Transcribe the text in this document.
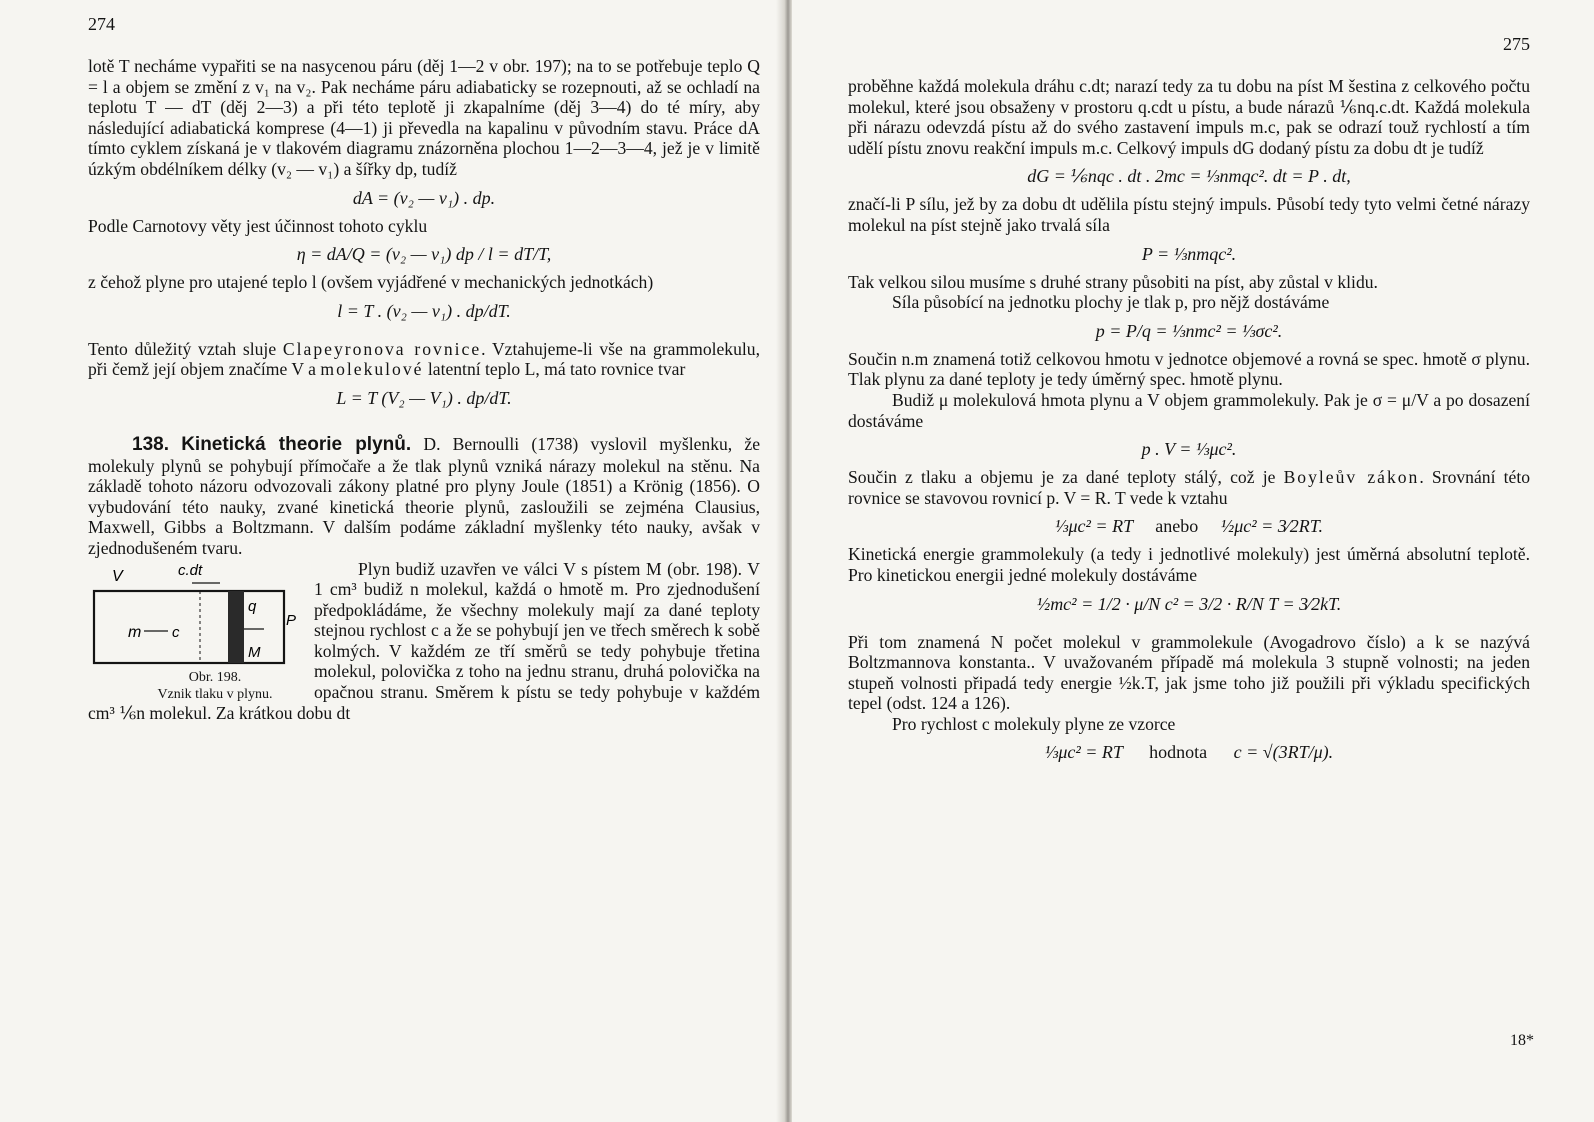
274

lotě T necháme vypařiti se na nasycenou páru (děj 1—2 v obr. 197); na to se potřebuje teplo Q = l a objem se změní z v₁ na v₂. Pak necháme páru adiabaticky se rozepnouti, až se ochladí na teplotu T — dT (děj 2—3) a při této teplotě ji zkapalníme (děj 3—4) do té míry, aby následující adiabatická komprese (4—1) ji převedla na kapalinu v původním stavu. Práce dA tímto cyklem získaná je v tlakovém diagramu znázorněna plochou 1—2—3—4, jež je v limitě úzkým obdélníkem délky (v₂ — v₁) a šířky dp, tudíž

dA = (v₂ — v₁) . dp.

Podle Carnotovy věty jest účinnost tohoto cyklu

η = dA/Q = (v₂ — v₁) dp / l = dT/T,

z čehož plyne pro utajené teplo l (ovšem vyjádřené v mechanických jednotkách)

l = T . (v₂ — v₁) . dp/dT.

Tento důležitý vztah sluje Clapeyronova rovnice. Vztahujeme-li vše na grammolekulu, při čemž její objem značíme V a molekulové latentní teplo L, má tato rovnice tvar

L = T (V₂ — V₁) . dp/dT.

138. Kinetická theorie plynů. D. Bernoulli (1738) vyslovil myšlenku, že molekuly plynů se pohybují přímočaře a že tlak plynů vzniká nárazy molekul na stěnu. Na základě tohoto názoru odvozovali zákony platné pro plyny Joule (1851) a Krönig (1856). O vybudování této nauky, zvané kinetická theorie plynů, zasloužili se zejména Clausius, Maxwell, Gibbs a Boltzmann. V dalším podáme základní myšlenky této nauky, avšak v zjednodušeném tvaru.

V	c.dt
q
P
m c
M
Obr. 198.
Vznik tlaku v plynu.
Plyn budiž uzavřen ve válci V s pístem M (obr. 198). V 1 cm³ budiž n molekul, každá o hmotě m. Pro zjednodušení předpokládáme, že všechny molekuly mají za dané teploty stejnou rychlost c a že se pohybují jen ve třech směrech k sobě kolmých. V každém ze tří směrů se tedy pohybuje třetina molekul, polovička z toho na jednu stranu, druhá polovička na opačnou stranu. Směrem k pístu se tedy pohybuje v každém cm³ ⅙n molekul. Za krátkou dobu dt

275

proběhne každá molekula dráhu c.dt; narazí tedy za tu dobu na píst M šestina z celkového počtu molekul, které jsou obsaženy v prostoru q.cdt u pístu, a bude nárazů ⅙nq.c.dt. Každá molekula při nárazu odevzdá pístu až do svého zastavení impuls m.c, pak se odrazí touž rychlostí a tím udělí pístu znovu reakční impuls m.c. Celkový impuls dG dodaný pístu za dobu dt je tudíž

dG = ⅙nqc . dt . 2mc = ⅓nmqc². dt = P . dt,

značí-li P sílu, jež by za dobu dt udělila pístu stejný impuls. Působí tedy tyto velmi četné nárazy molekul na píst stejně jako trvalá síla

P = ⅓nmqc².

Tak velkou silou musíme s druhé strany působiti na píst, aby zůstal v klidu.

Síla působící na jednotku plochy je tlak p, pro nějž dostáváme

p = P/q = ⅓nmc² = ⅓σc².

Součin n.m znamená totiž celkovou hmotu v jednotce objemové a rovná se spec. hmotě σ plynu. Tlak plynu za dané teploty je tedy úměrný spec. hmotě plynu.

Budiž μ molekulová hmota plynu a V objem grammolekuly. Pak je σ = μ/V a po dosazení dostáváme

p . V = ⅓μc².

Součin z tlaku a objemu je za dané teploty stálý, což je Boyleův zákon. Srovnání této rovnice se stavovou rovnicí p. V = R. T vede k vztahu

⅓μc² = RT anebo ½μc² = 3⁄2RT.

Kinetická energie grammolekuly (a tedy i jednotlivé molekuly) jest úměrná absolutní teplotě. Pro kinetickou energii jedné molekuly dostáváme

½mc² = 1/2 · μ/N c² = 3/2 · R/N T = 3⁄2kT.

Při tom znamená N počet molekul v grammolekule (Avogadrovo číslo) a k se nazývá Boltzmannova konstanta.. V uvažovaném případě má molekula 3 stupně volnosti; na jeden stupeň volnosti připadá tedy energie ½k.T, jak jsme toho již použili při výkladu specifických tepel (odst. 124 a 126).

Pro rychlost c molekuly plyne ze vzorce

⅓μc² = RT hodnota c = √(3RT/μ).
18*
